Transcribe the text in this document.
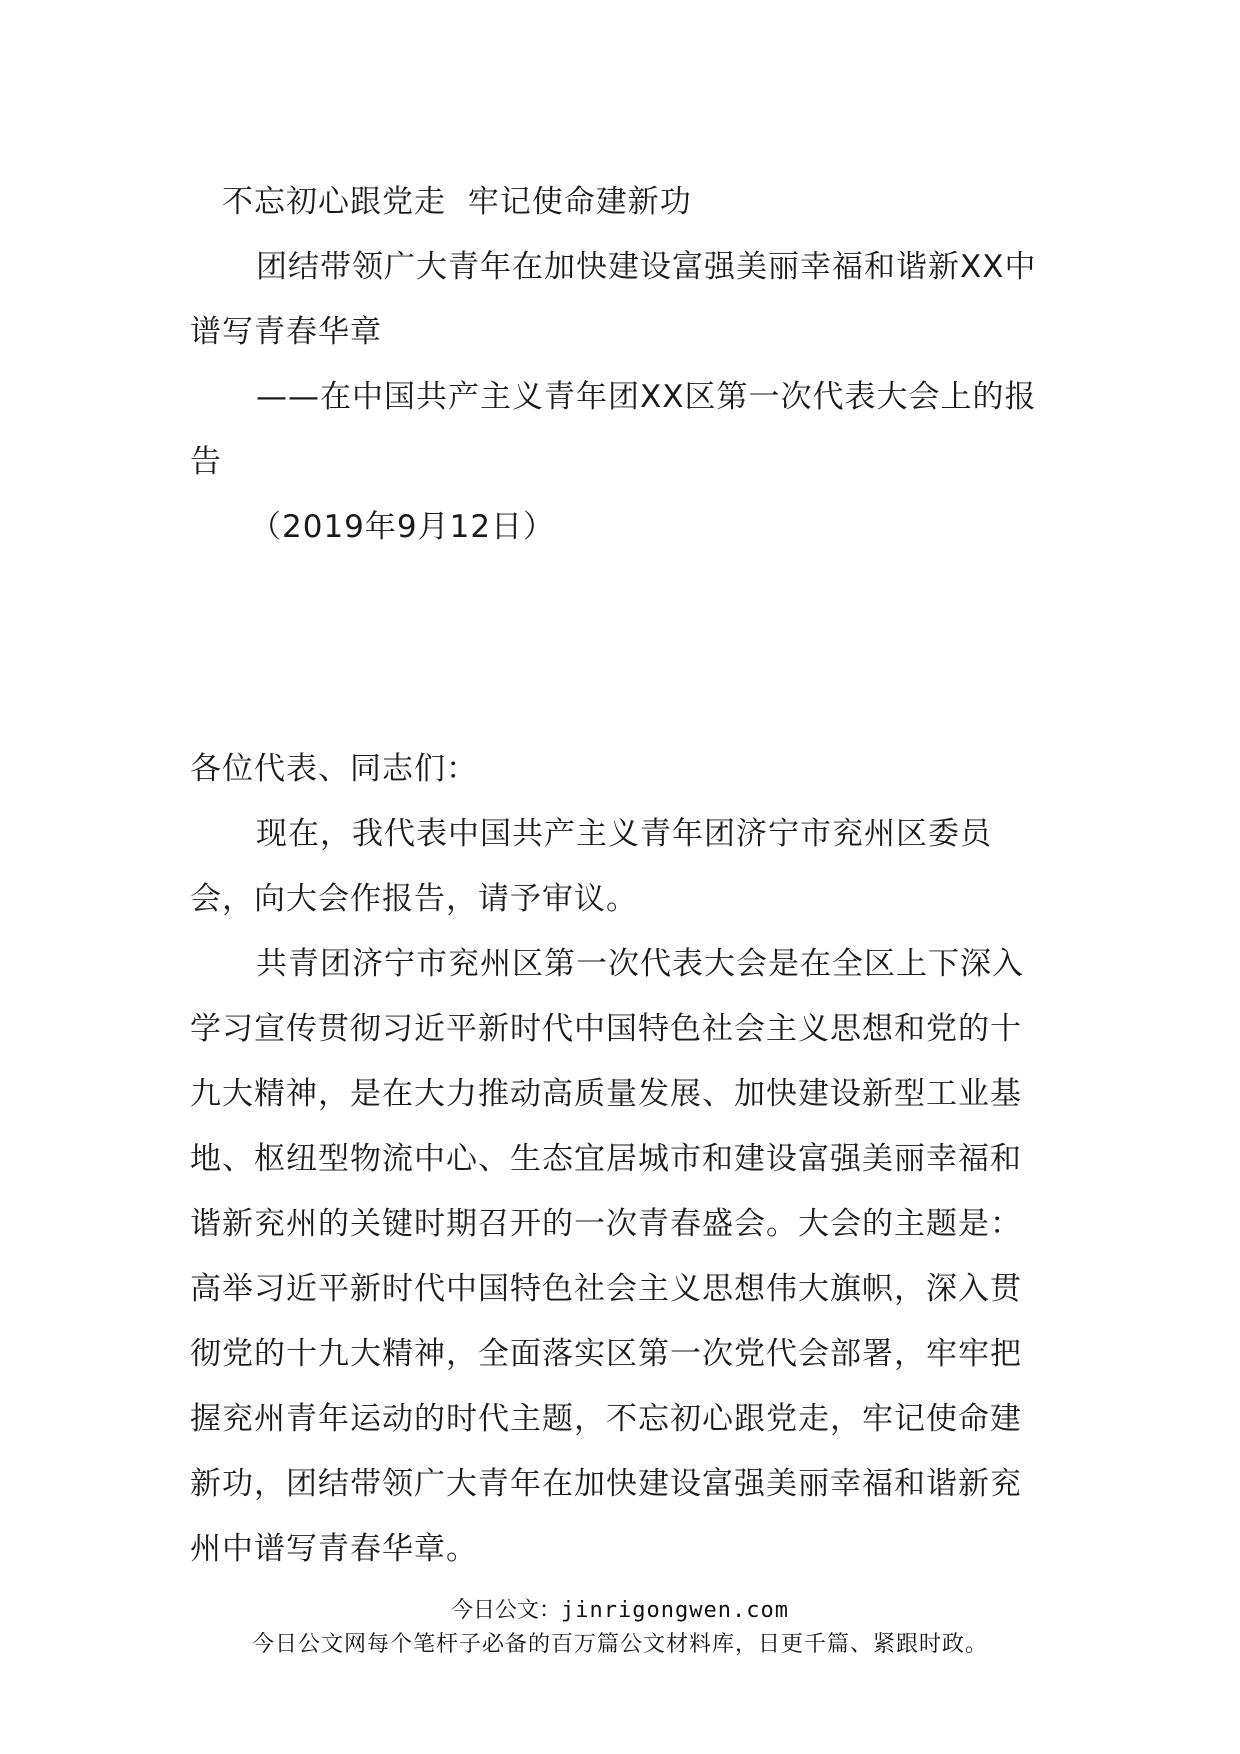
不忘初心跟党走  牢记使命建新功
团结带领广大青年在加快建设富强美丽幸福和谐新XX中谱写青春华章
——在中国共产主义青年团XX区第一次代表大会上的报告
（2019年9月12日）
各位代表、同志们：
现在，我代表中国共产主义青年团济宁市兖州区委员会，向大会作报告，请予审议。
共青团济宁市兖州区第一次代表大会是在全区上下深入学习宣传贯彻习近平新时代中国特色社会主义思想和党的十九大精神，是在大力推动高质量发展、加快建设新型工业基地、枢纽型物流中心、生态宜居城市和建设富强美丽幸福和谐新兖州的关键时期召开的一次青春盛会。大会的主题是：高举习近平新时代中国特色社会主义思想伟大旗帜，深入贯彻党的十九大精神，全面落实区第一次党代会部署，牢牢把握兖州青年运动的时代主题，不忘初心跟党走，牢记使命建新功，团结带领广大青年在加快建设富强美丽幸福和谐新兖州中谱写青春华章。
今日公文：jinrigongwen.com
今日公文网每个笔杆子必备的百万篇公文材料库，日更千篇、紧跟时政。
